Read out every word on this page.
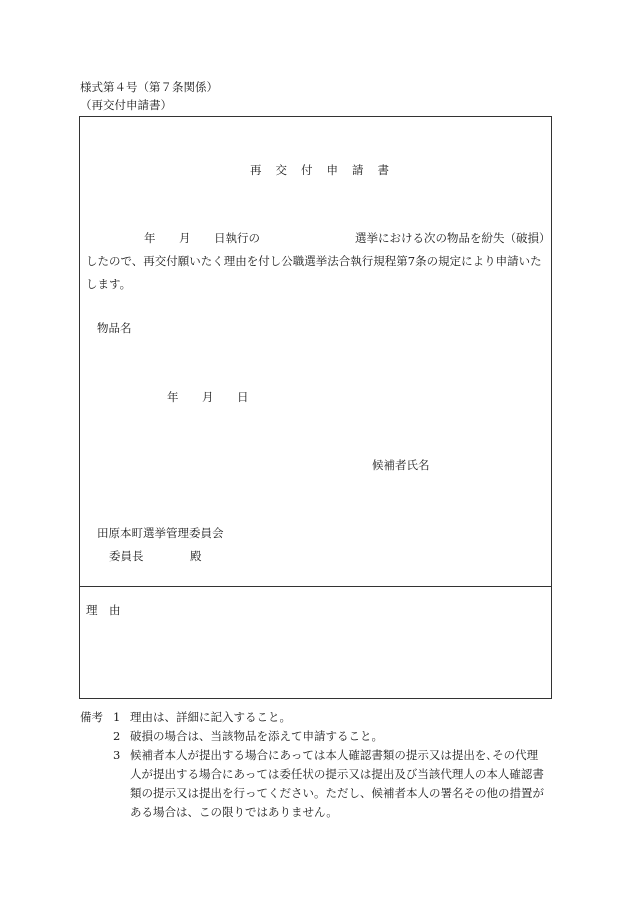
様式第４号（第７条関係）
（再交付申請書）
再交付申請書
年 月 日執行の	選挙における次の物品を紛失（破損）
したので、再交付願いたく理由を付し公職選挙法合執行規程第7条の規定により申請いた
します。
物品名
年 月 日
候補者氏名
田原本町選挙管理委員会
委員長	殿
理　由
備考 1 理由は、詳細に記入すること。
2 破損の場合は、当該物品を添えて申請すること。
3 候補者本人が提出する場合にあっては本人確認書類の提示又は提出を､その代理
人が提出する場合にあっては委任状の提示又は提出及び当該代理人の本人確認書
類の提示又は提出を行ってください。ただし、候補者本人の署名その他の措置が
ある場合は、この限りではありません。
